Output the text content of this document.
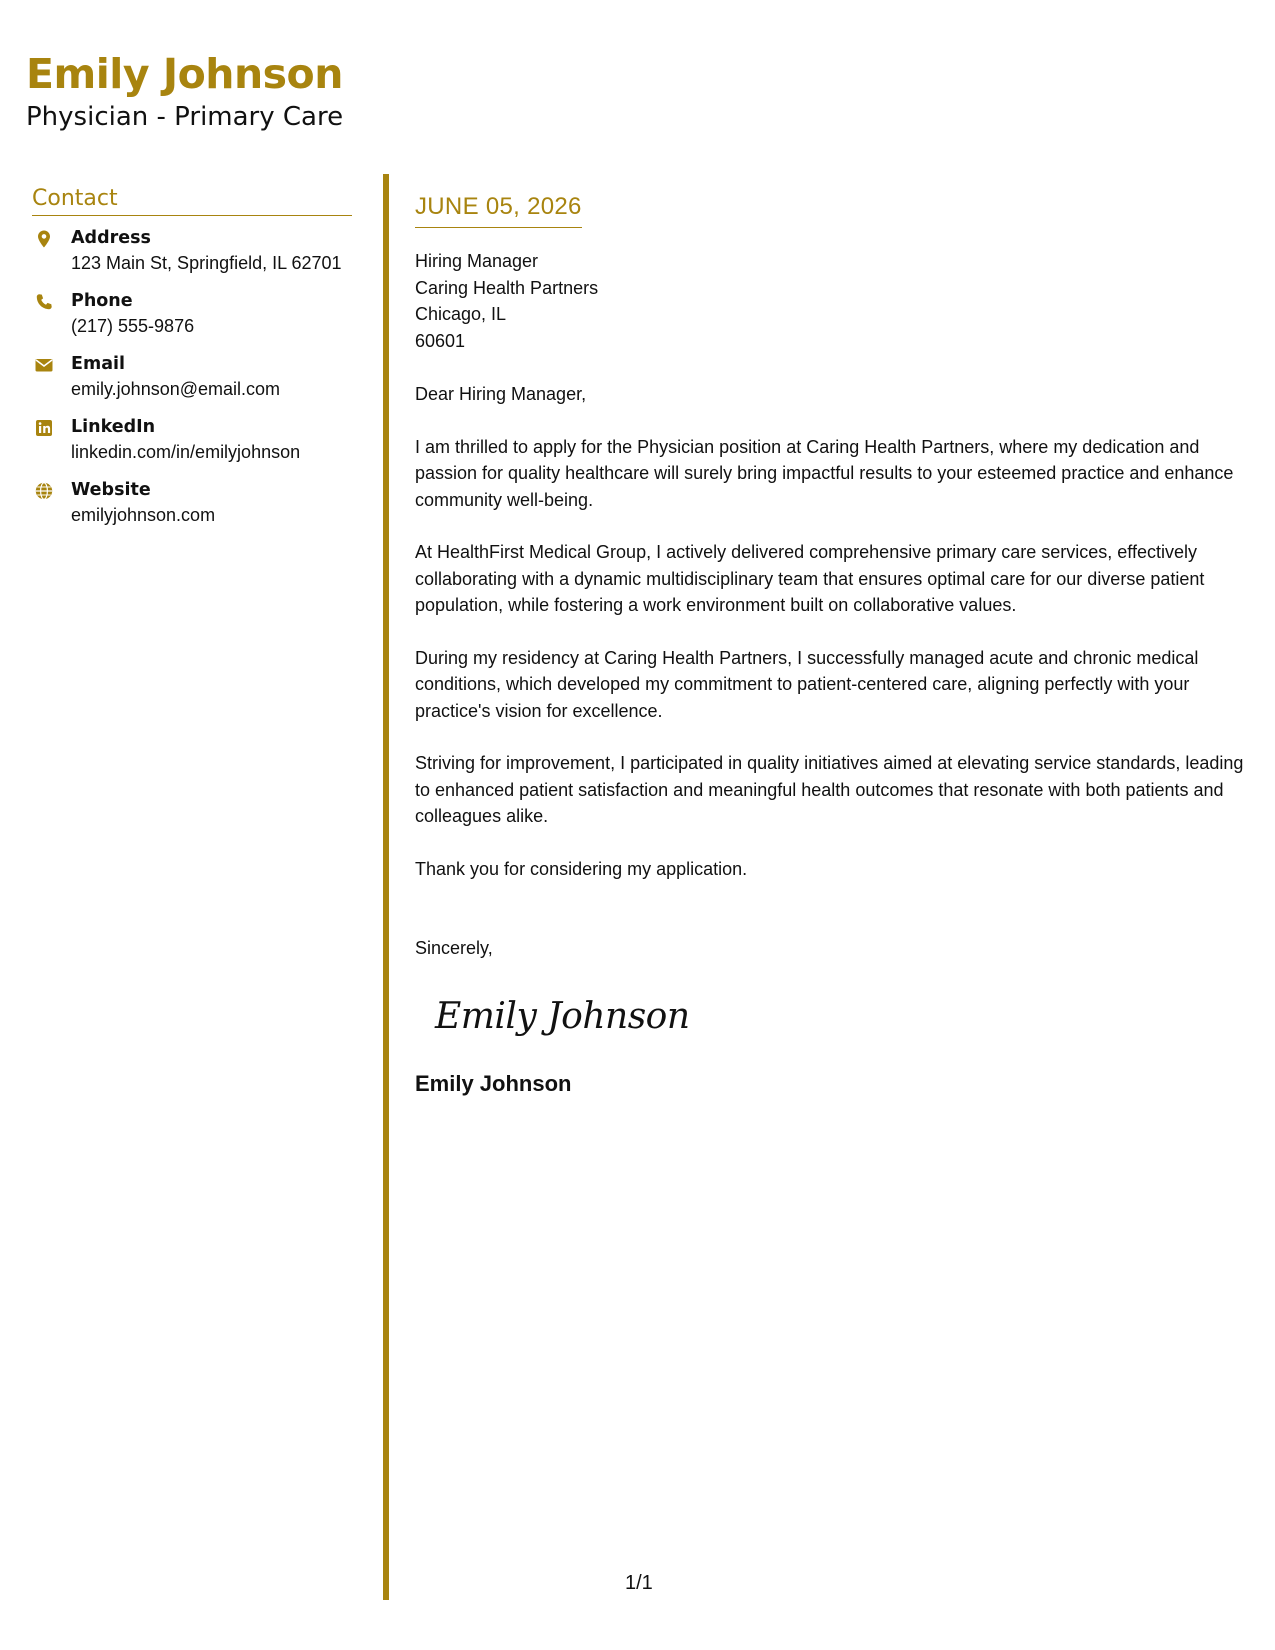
Emily Johnson
Physician - Primary Care
Contact
Address
123 Main St, Springfield, IL 62701
Phone
(217) 555-9876
Email
emily.johnson@email.com
LinkedIn
linkedin.com/in/emilyjohnson
Website
emilyjohnson.com
JUNE 05, 2026
Hiring Manager
Caring Health Partners
Chicago, IL
60601
Dear Hiring Manager,
I am thrilled to apply for the Physician position at Caring Health Partners, where my dedication and passion for quality healthcare will surely bring impactful results to your esteemed practice and enhance community well-being.
At HealthFirst Medical Group, I actively delivered comprehensive primary care services, effectively collaborating with a dynamic multidisciplinary team that ensures optimal care for our diverse patient population, while fostering a work environment built on collaborative values.
During my residency at Caring Health Partners, I successfully managed acute and chronic medical conditions, which developed my commitment to patient-centered care, aligning perfectly with your practice's vision for excellence.
Striving for improvement, I participated in quality initiatives aimed at elevating service standards, leading to enhanced patient satisfaction and meaningful health outcomes that resonate with both patients and colleagues alike.
Thank you for considering my application.
Sincerely,
Emily Johnson
Emily Johnson
1/1
